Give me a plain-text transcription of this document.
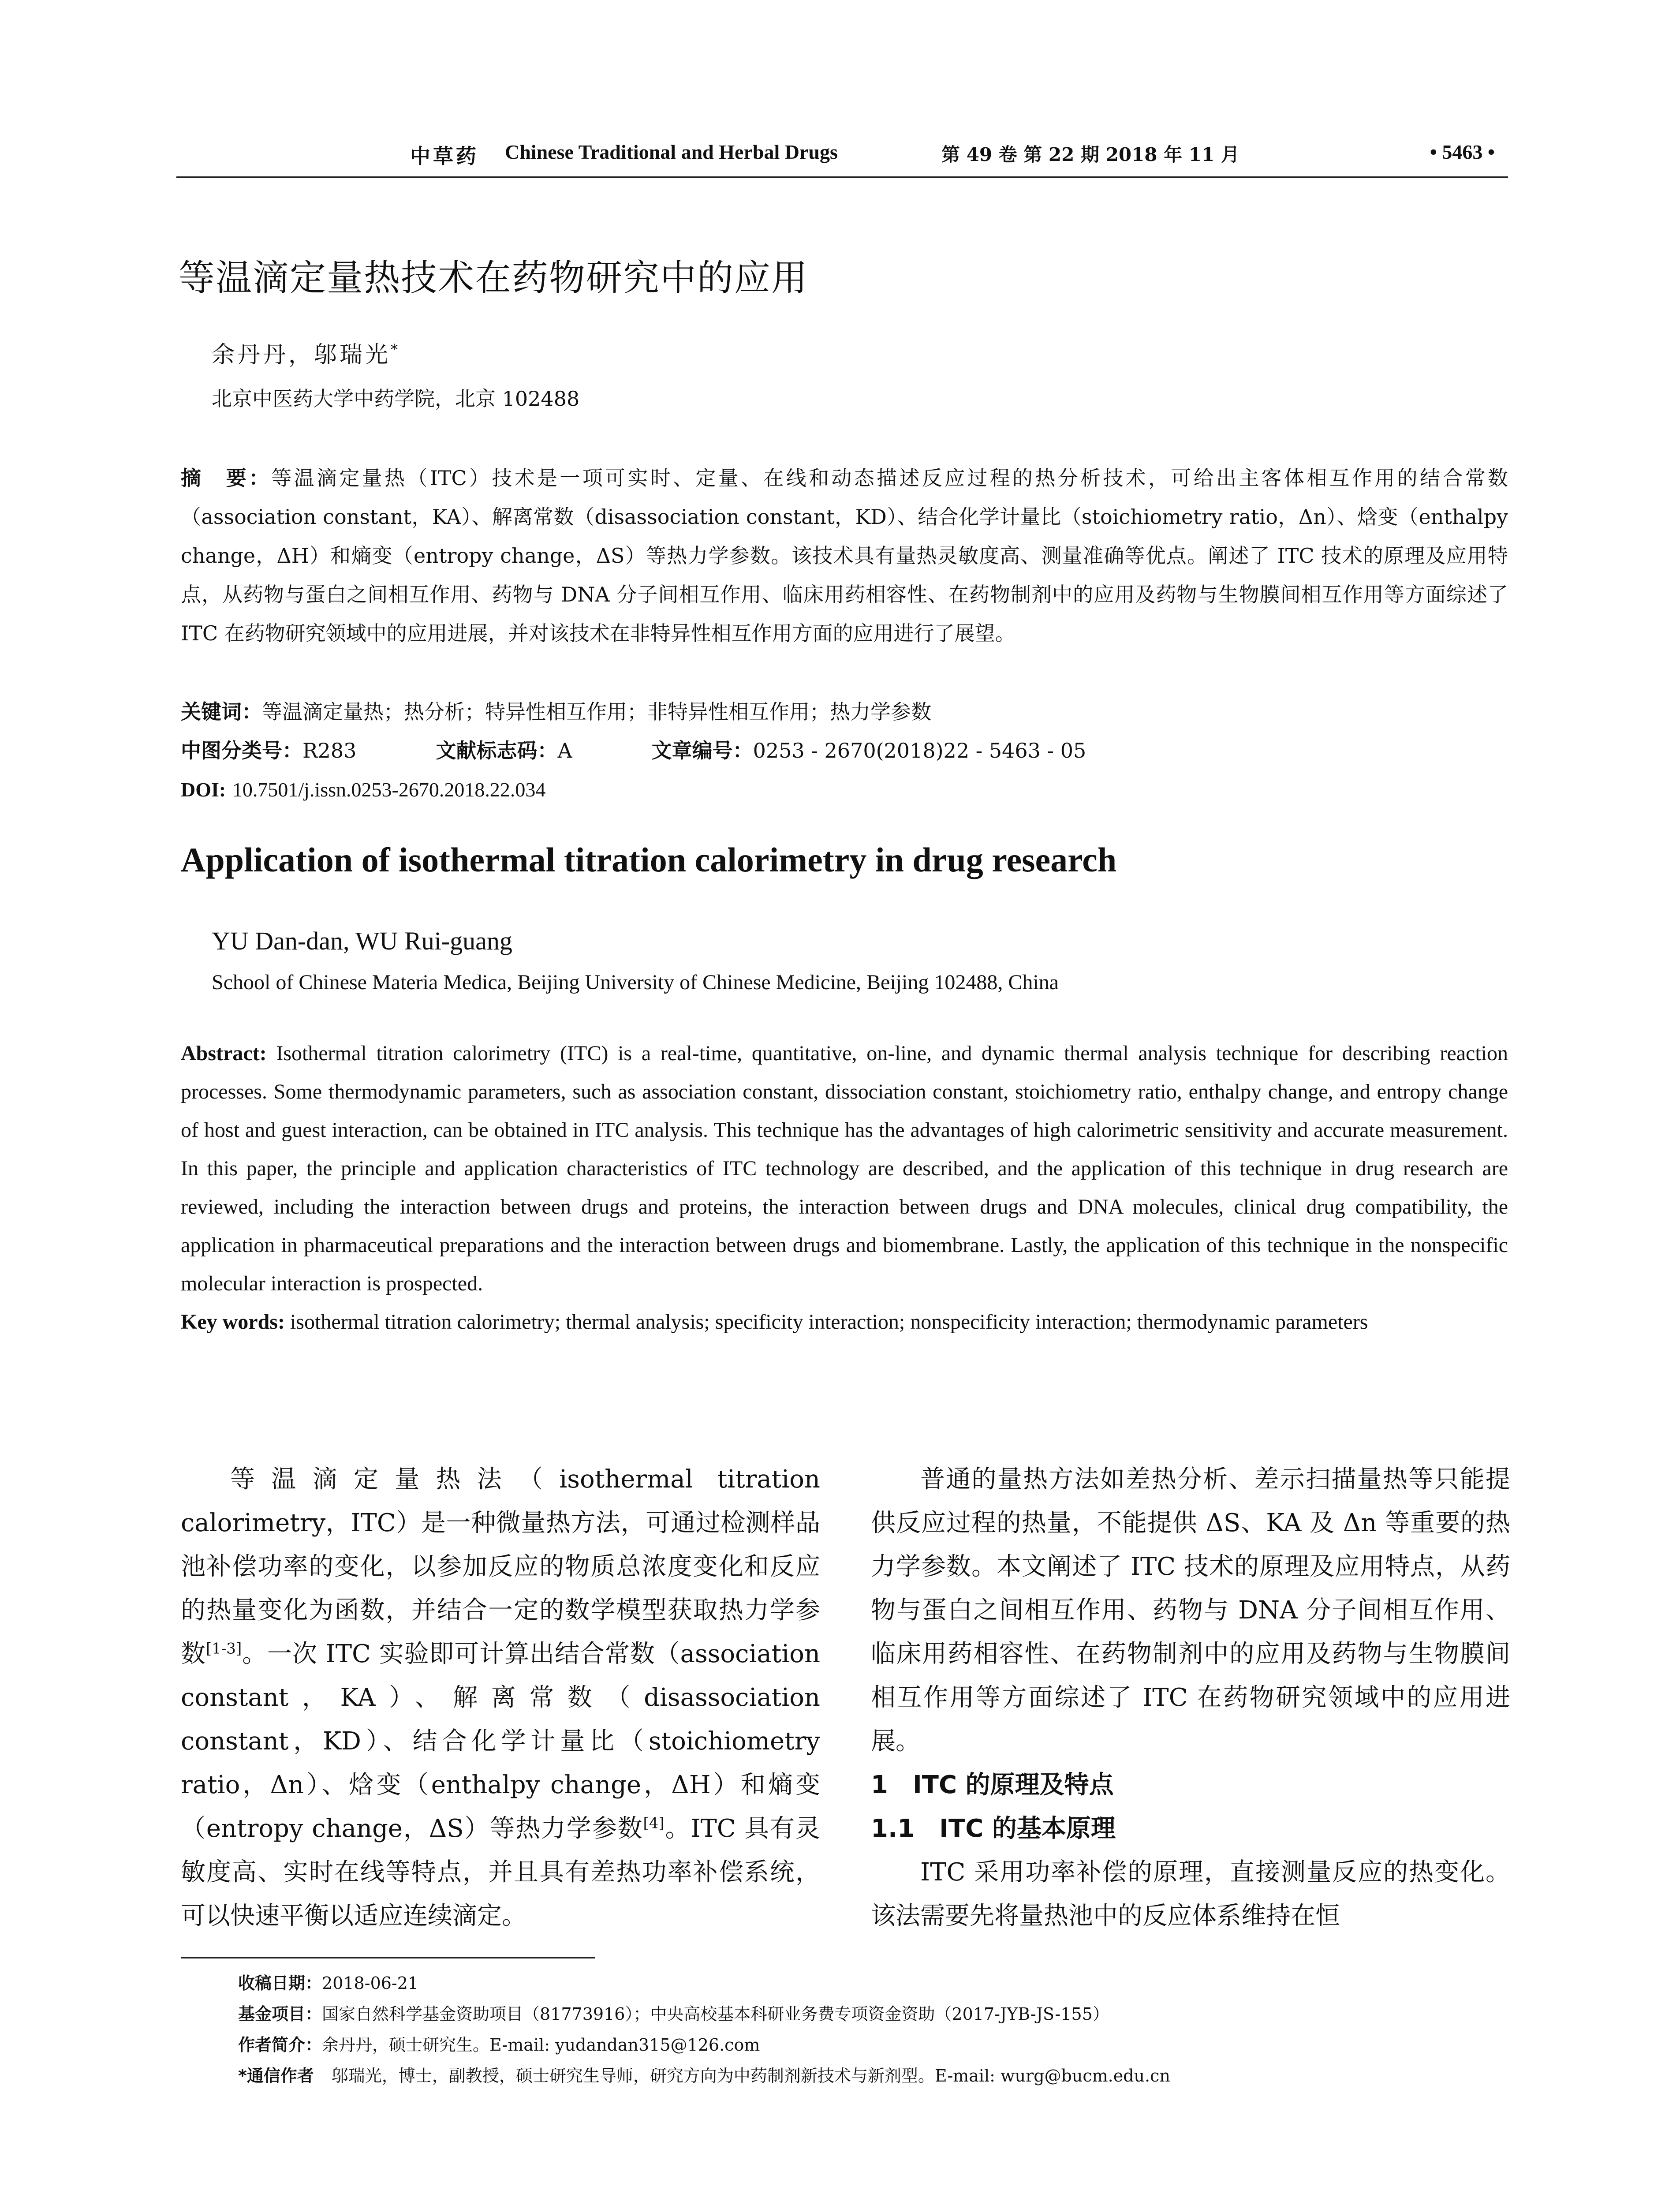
中草药 Chinese Traditional and Herbal Drugs	第 49 卷 第 22 期 2018 年 11 月	• 5463 •
等温滴定量热技术在药物研究中的应用
余丹丹，邬瑞光*
北京中医药大学中药学院，北京 102488

摘　要：等温滴定量热（ITC）技术是一项可实时、定量、在线和动态描述反应过程的热分析技术，可给出主客体相互作用的结合常数（association constant，KA）、解离常数（disassociation constant，KD）、结合化学计量比（stoichiometry ratio，Δn）、焓变（enthalpy change，ΔH）和熵变（entropy change，ΔS）等热力学参数。该技术具有量热灵敏度高、测量准确等优点。阐述了 ITC 技术的原理及应用特点，从药物与蛋白之间相互作用、药物与 DNA 分子间相互作用、临床用药相容性、在药物制剂中的应用及药物与生物膜间相互作用等方面综述了 ITC 在药物研究领域中的应用进展，并对该技术在非特异性相互作用方面的应用进行了展望。

关键词：等温滴定量热；热分析；特异性相互作用；非特异性相互作用；热力学参数
中图分类号：R283	文献标志码：A	文章编号：0253 - 2670(2018)22 - 5463 - 05
DOI: 10.7501/j.issn.0253-2670.2018.22.034
Application of isothermal titration calorimetry in drug research
YU Dan-dan, WU Rui-guang
School of Chinese Materia Medica, Beijing University of Chinese Medicine, Beijing 102488, China

Abstract: Isothermal titration calorimetry (ITC) is a real-time, quantitative, on-line, and dynamic thermal analysis technique for describing reaction processes. Some thermodynamic parameters, such as association constant, dissociation constant, stoichiometry ratio, enthalpy change, and entropy change of host and guest interaction, can be obtained in ITC analysis. This technique has the advantages of high calorimetric sensitivity and accurate measurement. In this paper, the principle and application characteristics of ITC technology are described, and the application of this technique in drug research are reviewed, including the interaction between drugs and proteins, the interaction between drugs and DNA molecules, clinical drug compatibility, the application in pharmaceutical preparations and the interaction between drugs and biomembrane. Lastly, the application of this technique in the nonspecific molecular interaction is prospected.

Key words: isothermal titration calorimetry; thermal analysis; specificity interaction; nonspecificity interaction; thermodynamic parameters

等温滴定量热法（isothermal titration calorimetry，ITC）是一种微量热方法，可通过检测样品池补偿功率的变化，以参加反应的物质总浓度变化和反应的热量变化为函数，并结合一定的数学模型获取热力学参数[1-3]。一次 ITC 实验即可计算出结合常数（association constant，KA）、解离常数（disassociation constant，KD）、结合化学计量比（stoichiometry ratio，Δn）、焓变（enthalpy change，ΔH）和熵变（entropy change，ΔS）等热力学参数[4]。ITC 具有灵敏度高、实时在线等特点，并且具有差热功率补偿系统，可以快速平衡以适应连续滴定。

普通的量热方法如差热分析、差示扫描量热等只能提供反应过程的热量，不能提供 ΔS、KA 及 Δn 等重要的热力学参数。本文阐述了 ITC 技术的原理及应用特点，从药物与蛋白之间相互作用、药物与 DNA 分子间相互作用、临床用药相容性、在药物制剂中的应用及药物与生物膜间相互作用等方面综述了 ITC 在药物研究领域中的应用进展。

1　ITC 的原理及特点
1.1　ITC 的基本原理

ITC 采用功率补偿的原理，直接测量反应的热变化。该法需要先将量热池中的反应体系维持在恒

收稿日期：2018-06-21
基金项目：国家自然科学基金资助项目（81773916）；中央高校基本科研业务费专项资金资助（2017-JYB-JS-155）
作者简介：余丹丹，硕士研究生。E-mail: yudandan315@126.com
*通信作者 邬瑞光，博士，副教授，硕士研究生导师，研究方向为中药制剂新技术与新剂型。E-mail: wurg@bucm.edu.cn
